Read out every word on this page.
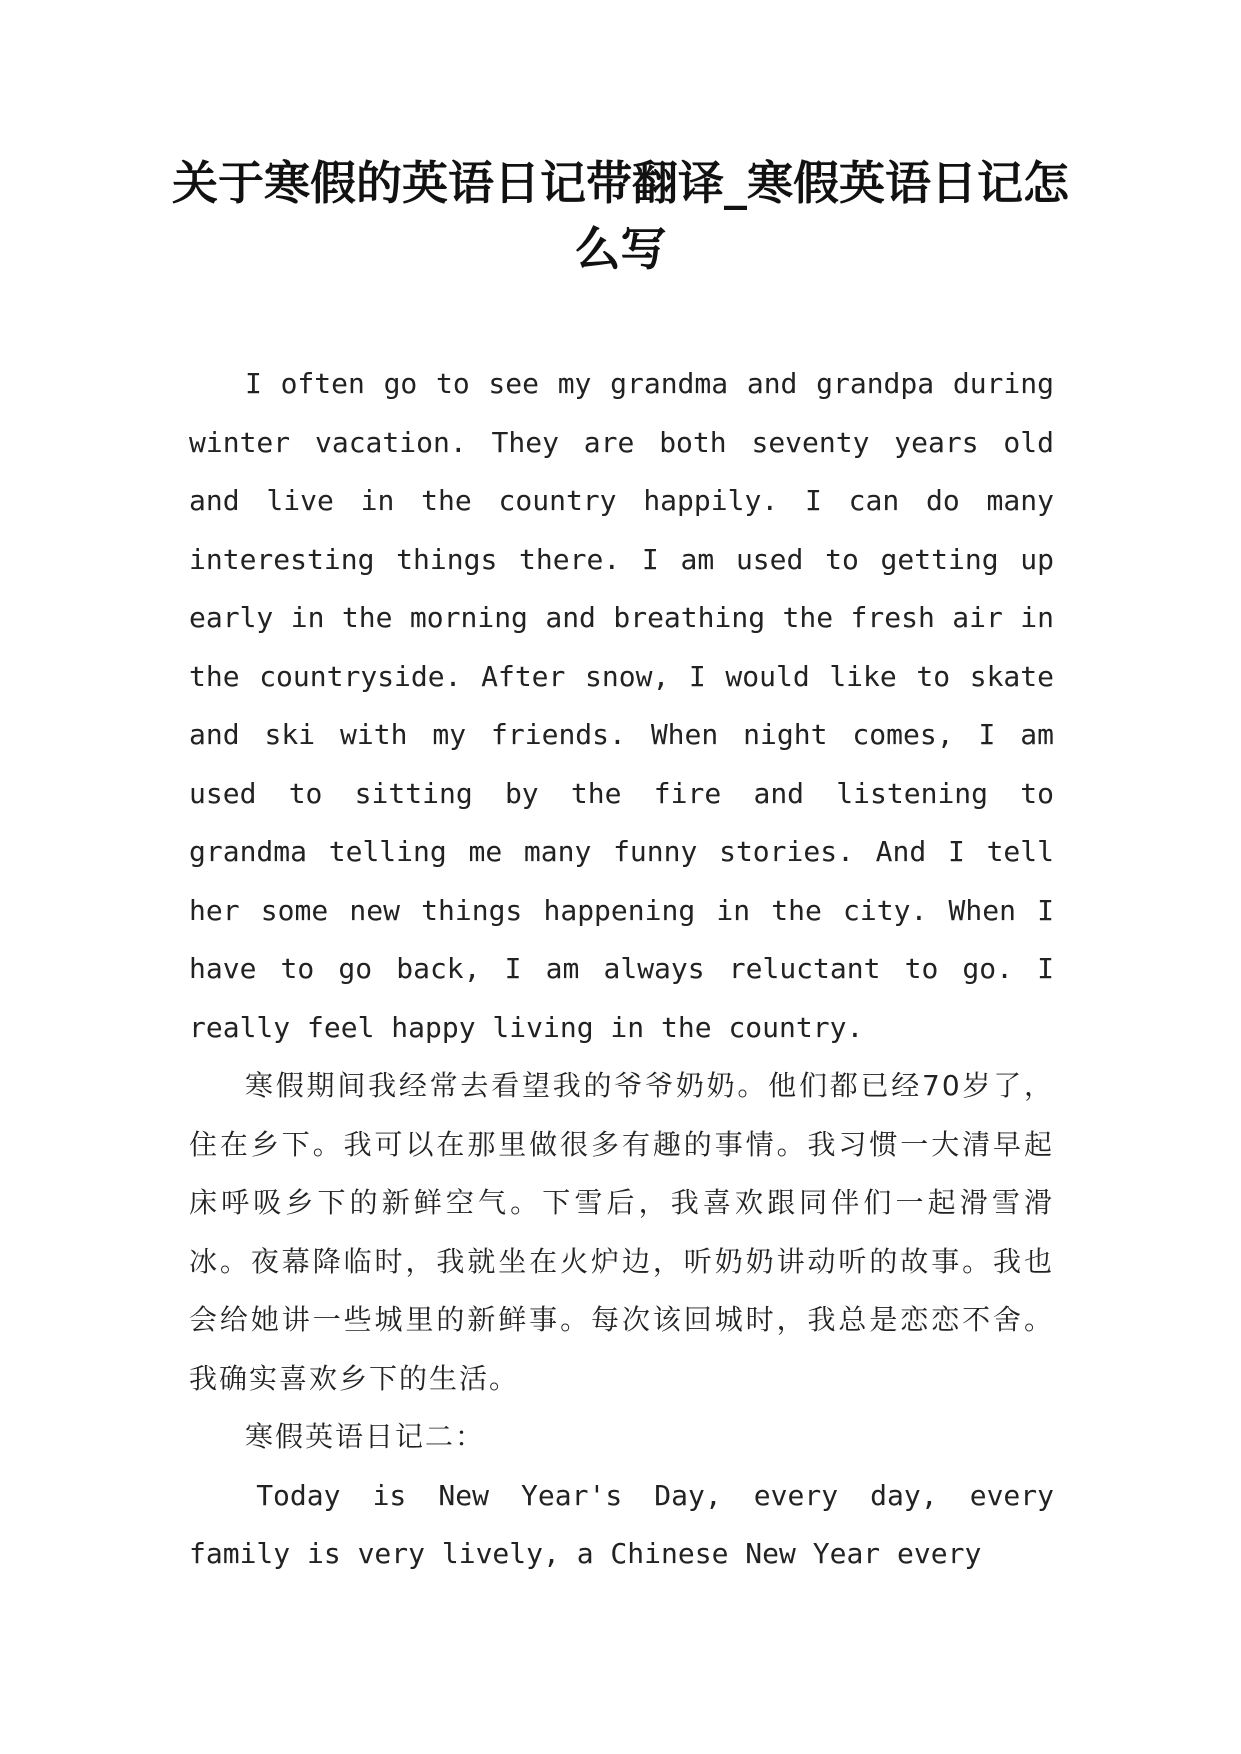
关于寒假的英语日记带翻译_寒假英语日记怎么写

I often go to see my grandma and grandpa during winter vacation. They are both seventy years old and live in the country happily. I can do many interesting things there. I am used to getting up early in the morning and breathing the fresh air in the countryside. After snow, I would like to skate and ski with my friends. When night comes, I am used to sitting by the fire and listening to grandma telling me many funny stories. And I tell her some new things happening in the city. When I have to go back, I am always reluctant to go. I really feel happy living in the country.

寒假期间我经常去看望我的爷爷奶奶。他们都已经70岁了，住在乡下。我可以在那里做很多有趣的事情。我习惯一大清早起床呼吸乡下的新鲜空气。下雪后，我喜欢跟同伴们一起滑雪滑冰。夜幕降临时，我就坐在火炉边，听奶奶讲动听的故事。我也会给她讲一些城里的新鲜事。每次该回城时，我总是恋恋不舍。我确实喜欢乡下的生活。

寒假英语日记二：

Today is New Year's Day, every day, every family is very lively, a Chinese New Year every
